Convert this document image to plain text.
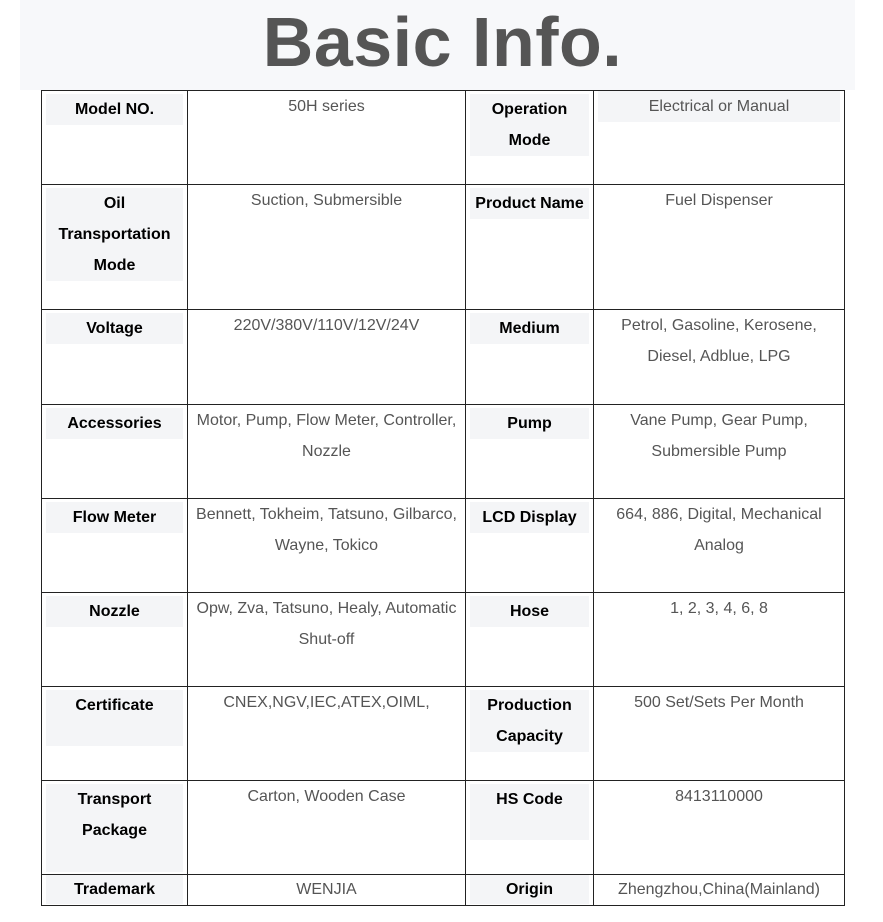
Basic Info.
Model NO.	50H series	Operation Mode	Electrical or Manual

Oil Transportation Mode	Suction, Submersible	Product Name	Fuel Dispenser

Voltage	220V/380V/110V/12V/24V	Medium	Petrol, Gasoline, Kerosene, Diesel, Adblue, LPG

Accessories	Motor, Pump, Flow Meter, Controller, Nozzle	Pump	Vane Pump, Gear Pump, Submersible Pump

Flow Meter	Bennett, Tokheim, Tatsuno, Gilbarco, Wayne, Tokico	LCD Display	664, 886, Digital, Mechanical Analog

Nozzle	Opw, Zva, Tatsuno, Healy, Automatic Shut-off	Hose	1, 2, 3, 4, 6, 8

Certificate	CNEX,NGV,IEC,ATEX,OIML,	Production Capacity	500 Set/Sets Per Month

Transport Package	Carton, Wooden Case	HS Code	8413110000

Trademark	WENJIA	Origin	Zhengzhou,China(Mainland)
